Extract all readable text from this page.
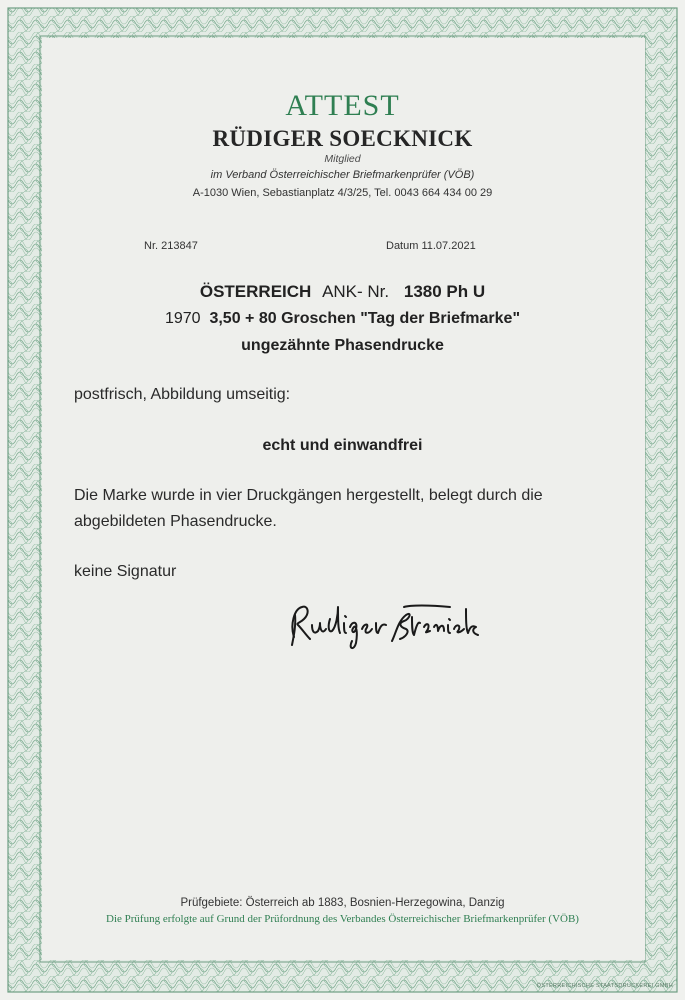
ATTEST
RÜDIGER SOECKNICK
Mitglied
im Verband Österreichischer Briefmarkenprüfer (VÖB)
A-1030 Wien, Sebastianplatz 4/3/25, Tel. 0043 664 434 00 29
Nr. 213847	Datum 11.07.2021
ÖSTERREICH ANK- Nr. 1380 Ph U
1970 3,50 + 80 Groschen "Tag der Briefmarke"
ungezähnte Phasendrucke
postfrisch, Abbildung umseitig:
echt und einwandfrei
Die Marke wurde in vier Druckgängen hergestellt, belegt durch die
abgebildeten Phasendrucke.
keine Signatur
Prüfgebiete: Österreich ab 1883, Bosnien-Herzegowina, Danzig
Die Prüfung erfolgte auf Grund der Prüfordnung des Verbandes Österreichischer Briefmarkenprüfer (VÖB)
ÖSTERREICHISCHE STAATSDRUCKEREI GMBH
